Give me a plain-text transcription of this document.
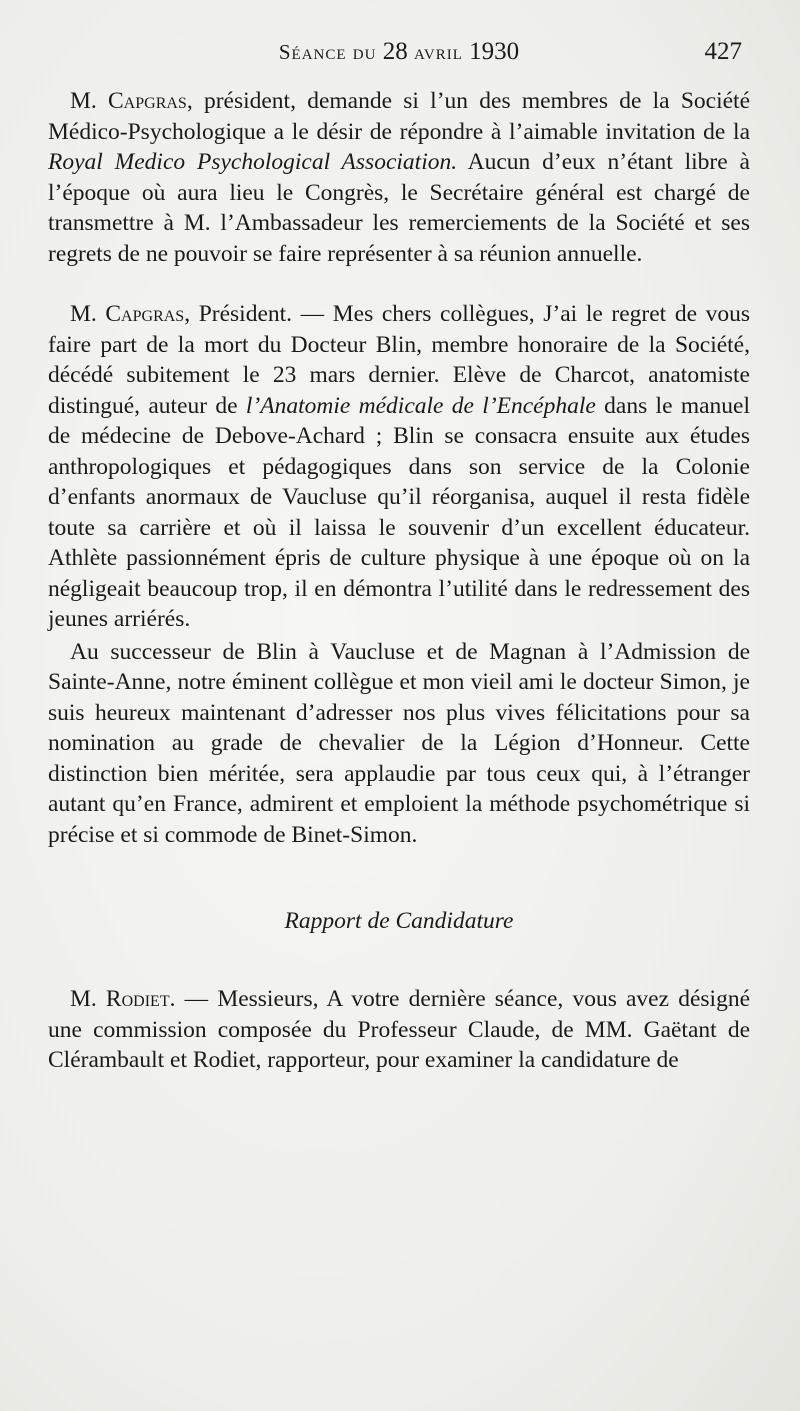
Séance du 28 avril 1930	427

M. Capgras, président, demande si l’un des membres de la Société Médico-Psychologique a le désir de répondre à l’aimable invitation de la Royal Medico Psychological Association. Aucun d’eux n’étant libre à l’époque où aura lieu le Congrès, le Secrétaire général est chargé de transmettre à M. l’Ambassadeur les remerciements de la Société et ses regrets de ne pouvoir se faire représenter à sa réunion annuelle.

M. Capgras, Président. — Mes chers collègues, J’ai le regret de vous faire part de la mort du Docteur Blin, membre honoraire de la Société, décédé subitement le 23 mars dernier. Elève de Charcot, anatomiste distingué, auteur de l’Anatomie médicale de l’Encéphale dans le manuel de médecine de Debove-Achard ; Blin se consacra ensuite aux études anthropologiques et pédagogiques dans son service de la Colonie d’enfants anormaux de Vaucluse qu’il réorganisa, auquel il resta fidèle toute sa carrière et où il laissa le souvenir d’un excellent éducateur. Athlète passionnément épris de culture physique à une époque où on la négligeait beaucoup trop, il en démontra l’utilité dans le redressement des jeunes arriérés.

Au successeur de Blin à Vaucluse et de Magnan à l’Admission de Sainte-Anne, notre éminent collègue et mon vieil ami le docteur Simon, je suis heureux maintenant d’adresser nos plus vives félicitations pour sa nomination au grade de chevalier de la Légion d’Honneur. Cette distinction bien méritée, sera applaudie par tous ceux qui, à l’étranger autant qu’en France, admirent et emploient la méthode psychométrique si précise et si commode de Binet-Simon.

Rapport de Candidature

M. Rodiet. — Messieurs, A votre dernière séance, vous avez désigné une commission composée du Professeur Claude, de MM. Gaëtant de Clérambault et Rodiet, rapporteur, pour examiner la candidature de
